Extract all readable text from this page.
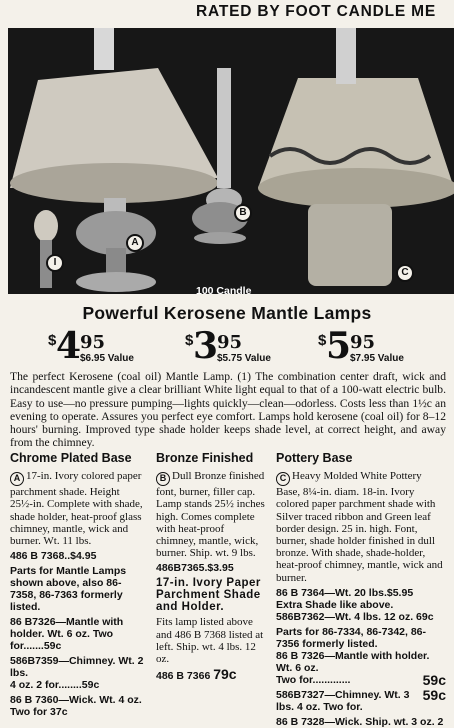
RATED BY FOOT CANDLE ME
A
B
C
I
100 Candle
Powerful Kerosene Mantle Lamps
$ 4
95
$6.95 Value
$ 3
95
$5.75 Value
$ 5
95
$7.95 Value
The perfect Kerosene (coal oil) Mantle Lamp. (1) The combination center draft, wick and incandescent mantle give a clear brilliant White light equal to that of a 100-watt electric bulb. Easy to use—no pressure pumping—lights quickly—clean—odorless. Costs less than 1½c an evening to operate. Assures you perfect eye comfort. Lamps hold kerosene (coal oil) for 8–12 hours' burning. Improved type shade holder keeps shade level, at correct height, and away from the chimney.
Chrome Plated Base

A 17-in. Ivory colored paper parchment shade. Height 25½-in. Complete with shade, shade holder, heat-proof glass chimney, mantle, wick and burner. Wt. 11 lbs.

486 B 7368..$4.95

Parts for Mantle Lamps shown above, also 86-7358, 86-7363 formerly listed.

86 B7326—Mantle with holder. Wt. 6 oz. Two for.......59c

586B7359—Chimney. Wt. 2 lbs.

4 oz. 2 for........59c

86 B 7360—Wick. Wt. 4 oz. Two for 37c

Bronze Finished

B Dull Bronze finished font, burner, filler cap. Lamp stands 25½ inches high. Comes complete with heat-proof chimney, mantle, wick, burner. Ship. wt. 9 lbs.

486B7365.$3.95

17-in. Ivory Paper Parchment Shade and Holder.

Fits lamp listed above and 486 B 7368 listed at left. Ship. wt. 4 lbs. 12 oz.

486 B 7366 79c

Pottery Base

C Heavy Molded White Pottery Base, 8¼-in. diam. 18-in. Ivory colored paper parchment shade with Silver traced ribbon and Green leaf border design. 25 in. high. Font, burner, shade holder finished in dull bronze. With shade, shade-holder, heat-proof chimney, mantle, wick and burner.

86 B 7364—Wt. 20 lbs.$5.95

Extra Shade like above.

586B7362—Wt. 4 lbs. 12 oz. 69c

Parts for 86-7334, 86-7342, 86-7356 formerly listed.

86 B 7326—Mantle with holder. Wt. 6 oz.

Two for.............	59c

586B7327—Chimney. Wt. 3 lbs. 4 oz. Two for.
59c

86 B 7328—Wick. Ship. wt. 3 oz. 2
